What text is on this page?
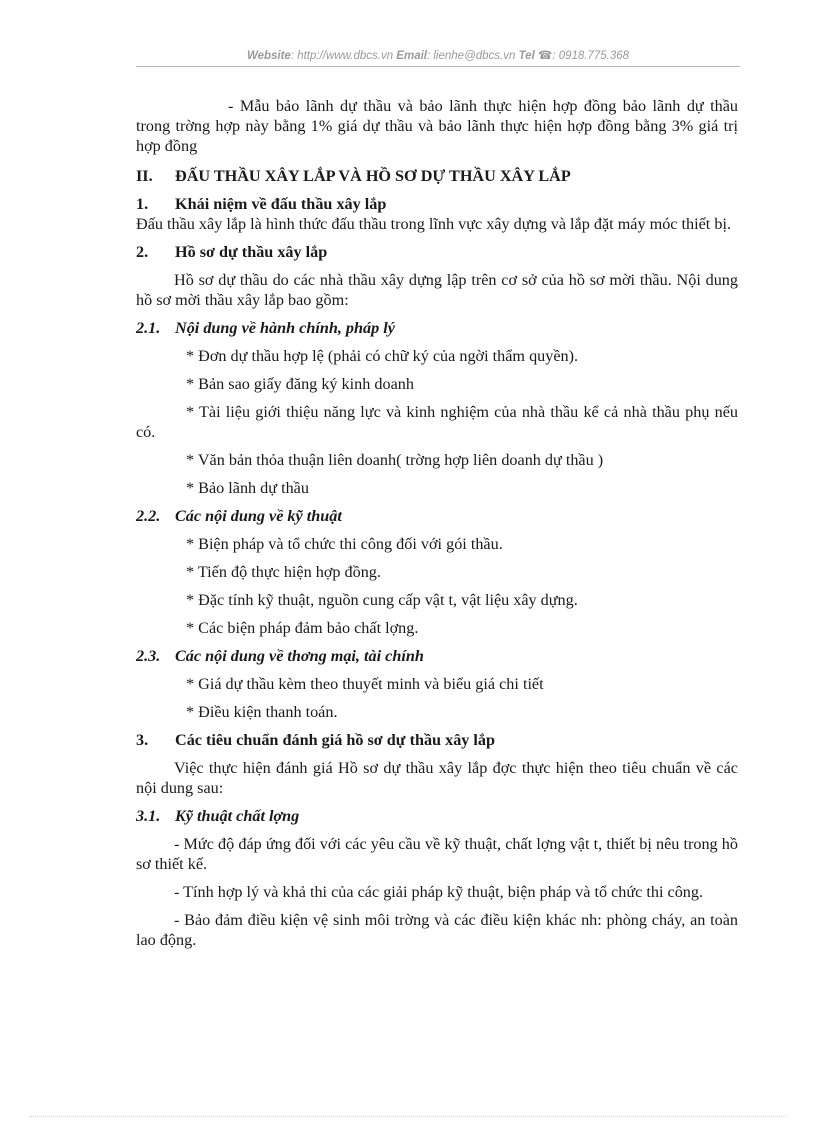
Website: http://www.dbcs.vn Email: lienhe@dbcs.vn Tel ☎: 0918.775.368

- Mẫu bảo lãnh dự thầu và bảo lãnh thực hiện hợp đồng bảo lãnh dự thầu trong trờng hợp này bằng 1% giá dự thầu và bảo lãnh thực hiện hợp đồng bằng 3% giá trị hợp đồng

II. ĐẤU THẦU XÂY LẮP VÀ HỒ SƠ DỰ THẦU XÂY LẮP

1. Khái niệm về đấu thầu xây lắp

Đấu thầu xây lắp là hình thức đấu thầu trong lĩnh vực xây dựng và lắp đặt máy móc thiết bị.

2. Hồ sơ dự thầu xây lắp

Hồ sơ dự thầu do các nhà thầu xây dựng lập trên cơ sở của hồ sơ mời thầu. Nội dung hồ sơ mời thầu xây lắp bao gồm:

2.1. Nội dung về hành chính, pháp lý

* Đơn dự thầu hợp lệ (phải có chữ ký của ngời thẩm quyền).

* Bản sao giấy đăng ký kinh doanh

* Tài liệu giới thiệu năng lực và kinh nghiệm của nhà thầu kể cả nhà thầu phụ nếu có.

* Văn bản thỏa thuận liên doanh( trờng hợp liên doanh dự thầu )

* Bảo lãnh dự thầu

2.2. Các nội dung về kỹ thuật

* Biện pháp và tổ chức thi công đối với gói thầu.

* Tiến độ thực hiện hợp đồng.

* Đặc tính kỹ thuật, nguồn cung cấp vật t, vật liệu xây dựng.

* Các biện pháp đảm bảo chất lợng.

2.3. Các nội dung về thơng mại, tài chính

* Giá dự thầu kèm theo thuyết minh và biểu giá chi tiết

* Điều kiện thanh toán.

3. Các tiêu chuẩn đánh giá hồ sơ dự thầu xây lắp

Việc thực hiện đánh giá Hồ sơ dự thầu xây lắp đợc thực hiện theo tiêu chuẩn về các nội dung sau:

3.1. Kỹ thuật chất lợng

- Mức độ đáp ứng đối với các yêu cầu về kỹ thuật, chất lợng vật t, thiết bị nêu trong hồ sơ thiết kế.

- Tính hợp lý và khả thi của các giải pháp kỹ thuật, biện pháp và tổ chức thi công.

- Bảo đảm điều kiện vệ sinh môi trờng và các điều kiện khác nh: phòng cháy, an toàn lao động.
